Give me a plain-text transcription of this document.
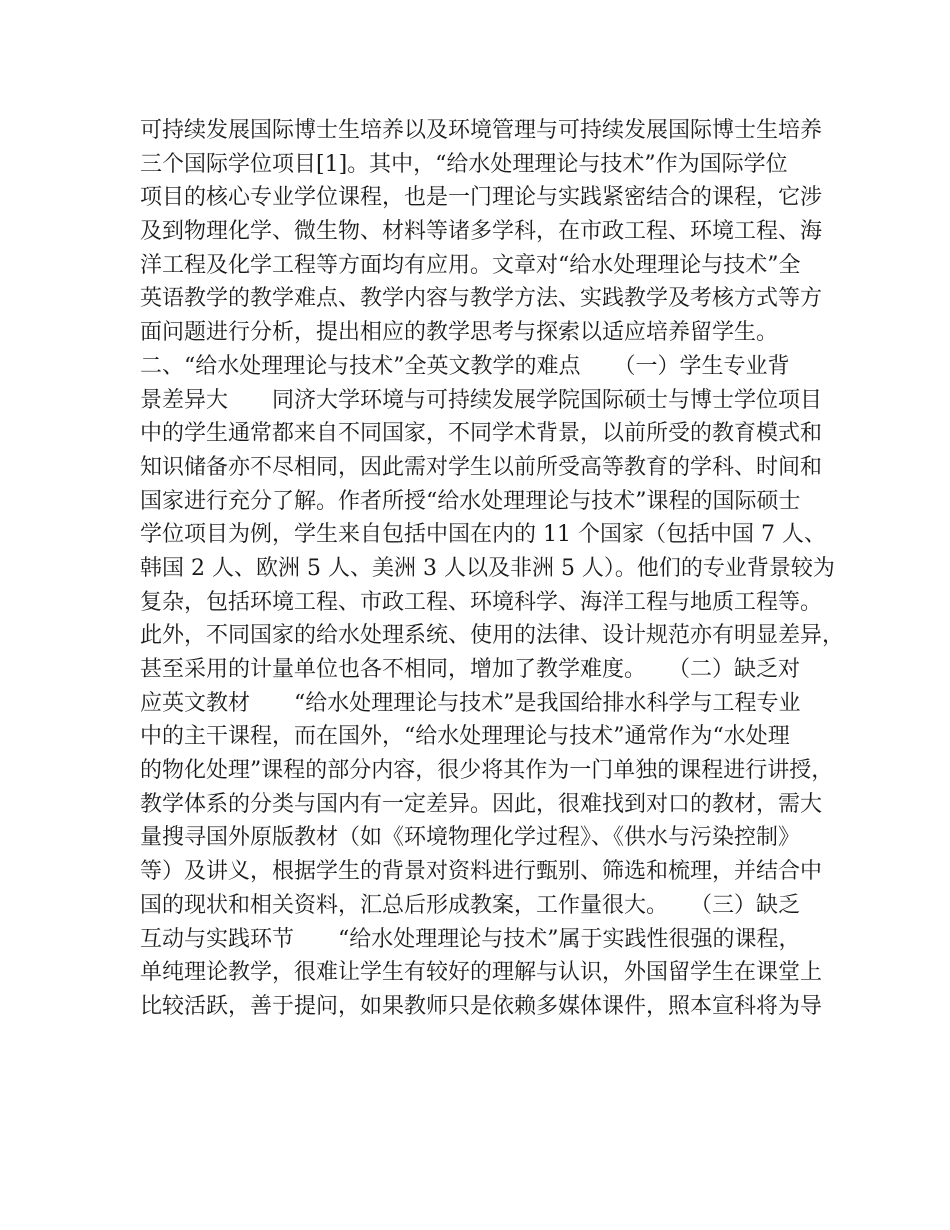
可持续发展国际博士生培养以及环境管理与可持续发展国际博士生培养
三个国际学位项目[1]。其中，“给水处理理论与技术”作为国际学位
项目的核心专业学位课程，也是一门理论与实践紧密结合的课程，它涉
及到物理化学、微生物、材料等诸多学科，在市政工程、环境工程、海
洋工程及化学工程等方面均有应用。文章对“给水处理理论与技术”全
英语教学的教学难点、教学内容与教学方法、实践教学及考核方式等方
面问题进行分析，提出相应的教学思考与探索以适应培养留学生。
二、“给水处理理论与技术”全英文教学的难点　　（一）学生专业背
景差异大　　同济大学环境与可持续发展学院国际硕士与博士学位项目
中的学生通常都来自不同国家，不同学术背景，以前所受的教育模式和
知识储备亦不尽相同，因此需对学生以前所受高等教育的学科、时间和
国家进行充分了解。作者所授“给水处理理论与技术”课程的国际硕士
学位项目为例，学生来自包括中国在内的 11 个国家（包括中国 7 人、
韩国 2 人、欧洲 5 人、美洲 3 人以及非洲 5 人）。他们的专业背景较为
复杂，包括环境工程、市政工程、环境科学、海洋工程与地质工程等。
此外，不同国家的给水处理系统、使用的法律、设计规范亦有明显差异，
甚至采用的计量单位也各不相同，增加了教学难度。　　（二）缺乏对
应英文教材　　“给水处理理论与技术”是我国给排水科学与工程专业
中的主干课程，而在国外，“给水处理理论与技术”通常作为“水处理
的物化处理”课程的部分内容，很少将其作为一门单独的课程进行讲授，
教学体系的分类与国内有一定差异。因此，很难找到对口的教材，需大
量搜寻国外原版教材（如《环境物理化学过程》、《供水与污染控制》
等）及讲义，根据学生的背景对资料进行甄别、筛选和梳理，并结合中
国的现状和相关资料，汇总后形成教案，工作量很大。　　（三）缺乏
互动与实践环节　　“给水处理理论与技术”属于实践性很强的课程，
单纯理论教学，很难让学生有较好的理解与认识，外国留学生在课堂上
比较活跃，善于提问，如果教师只是依赖多媒体课件，照本宣科将为导
